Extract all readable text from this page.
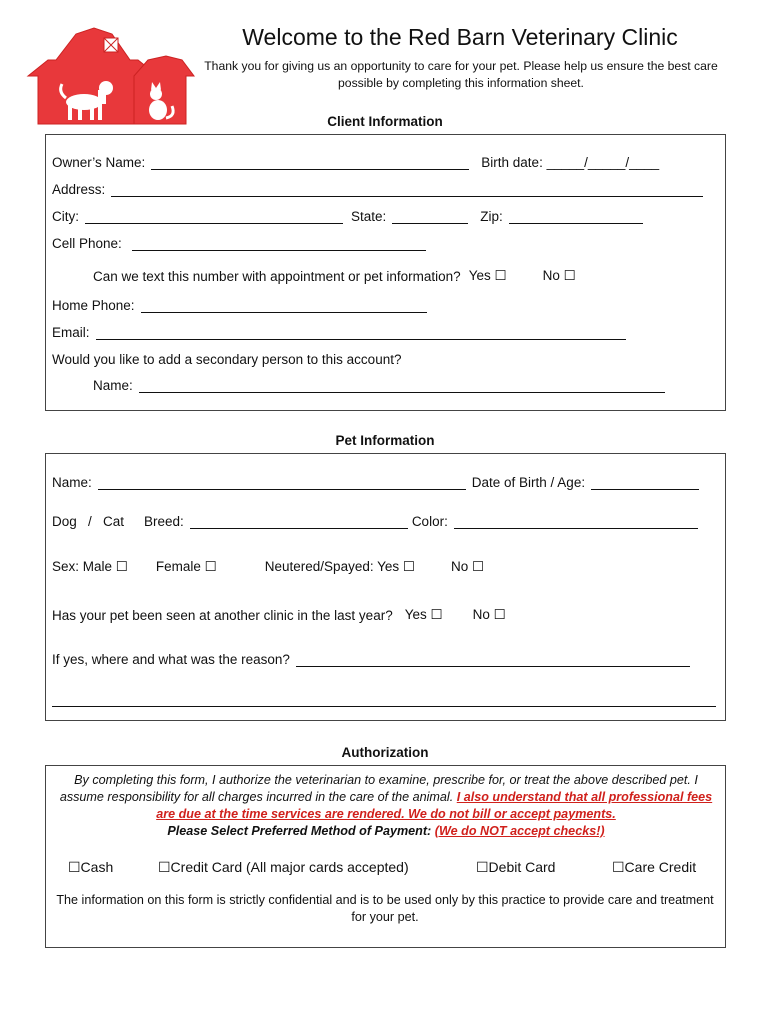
Welcome to the Red Barn Veterinary Clinic
Thank you for giving us an opportunity to care for your pet. Please help us ensure the best care possible by completing this information sheet.
Client Information
Owner’s Name:	Birth date: _____/_____/____
Address:
City:	State:	Zip:
Cell Phone:
Can we text this number with appointment or pet information? Yes ☐	No ☐
Home Phone:
Email:
Would you like to add a secondary person to this account?
Name:
Pet Information
Name:	Date of Birth / Age:
Dog   /   Cat Breed:	Color:
Sex: Male ☐ Female ☐	Neutered/Spayed: Yes ☐	No ☐
Has your pet been seen at another clinic in the last year? Yes ☐ No ☐
If yes, where and what was the reason?
Authorization
By completing this form, I authorize the veterinarian to examine, prescribe for, or treat the above described pet. I assume responsibility for all charges incurred in the care of the animal. I also understand that all professional fees are due at the time services are rendered. We do not bill or accept payments.
Please Select Preferred Method of Payment: (We do NOT accept checks!)
☐Cash	☐Credit Card (All major cards accepted)	☐Debit Card	☐Care Credit
The information on this form is strictly confidential and is to be used only by this practice to provide care and treatment for your pet.
